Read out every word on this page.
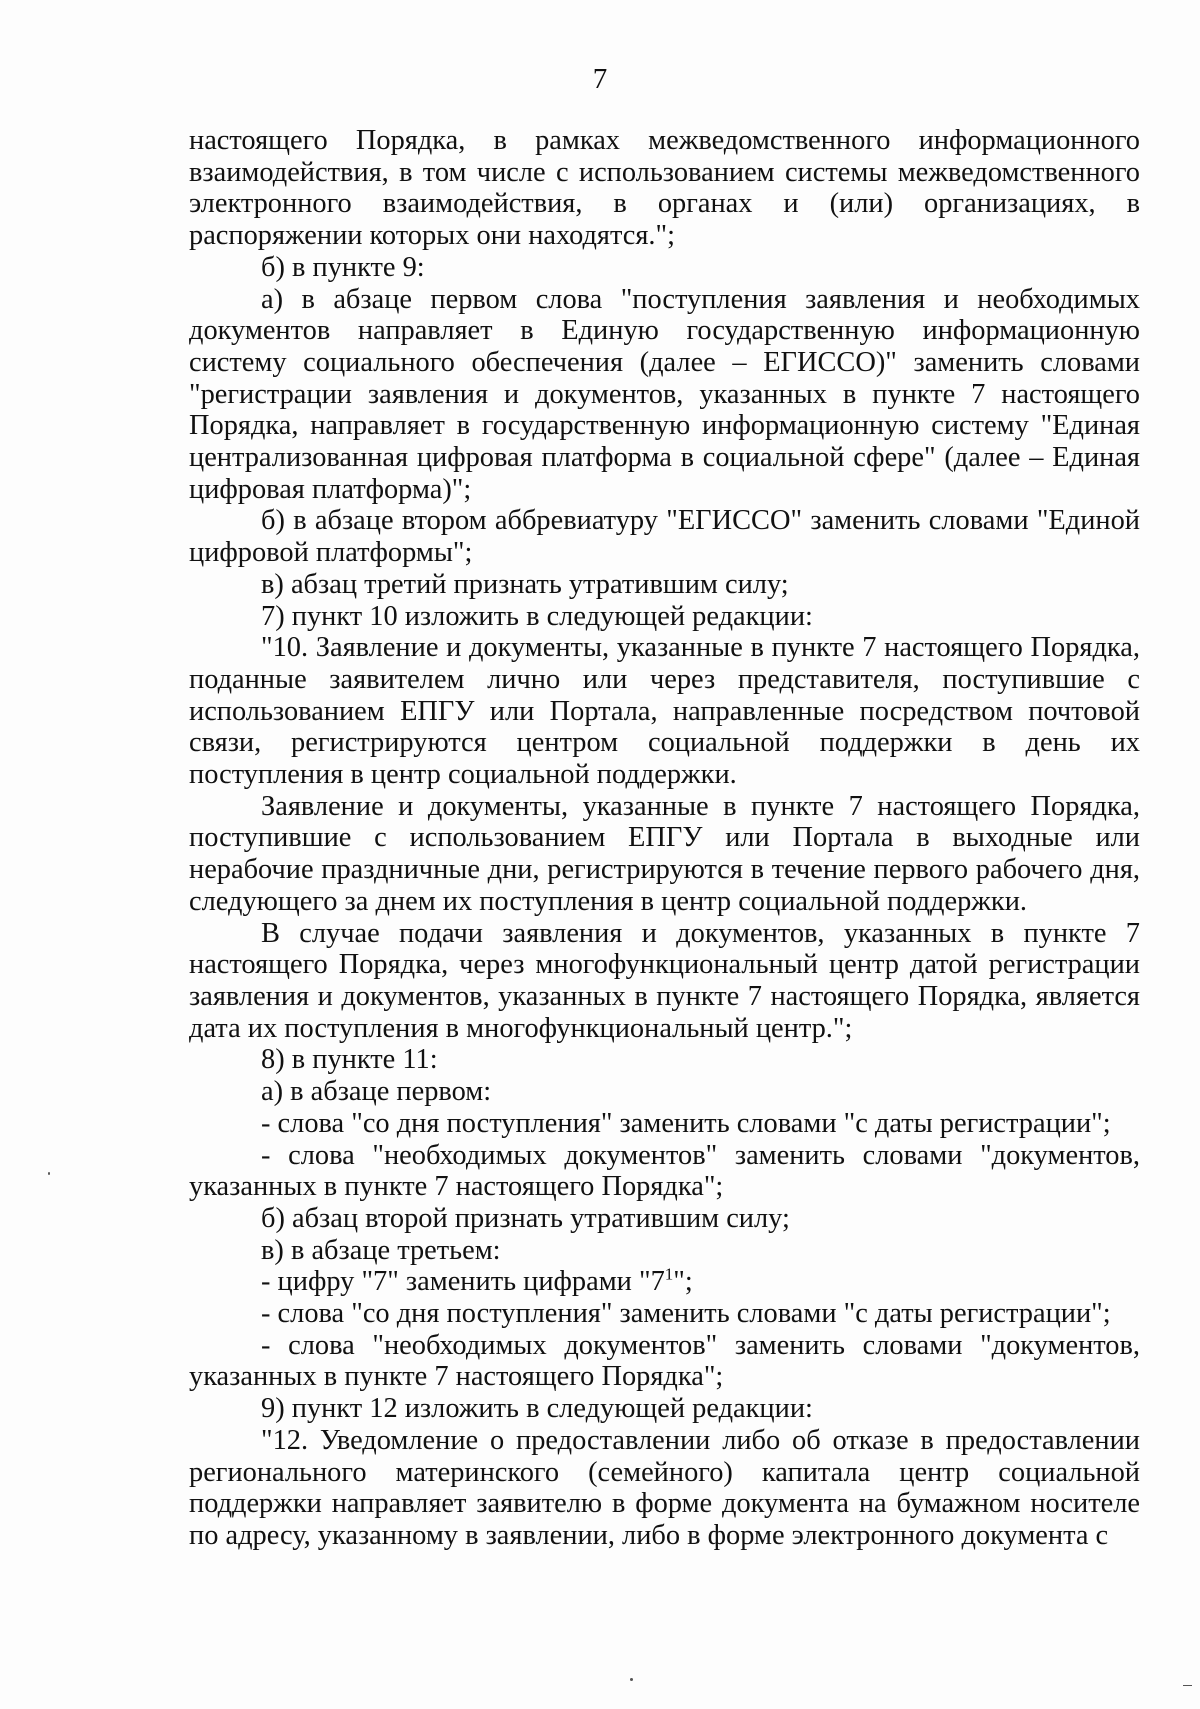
7

настоящего Порядка, в рамках межведомственного информационного взаимодействия, в том числе с использованием системы межведомственного электронного взаимодействия, в органах и (или) организациях, в распоряжении которых они находятся.";

б) в пункте 9:

а) в абзаце первом слова "поступления заявления и необходимых документов направляет в Единую государственную информационную систему социального обеспечения (далее – ЕГИССО)" заменить словами "регистрации заявления и документов, указанных в пункте 7 настоящего Порядка, направляет в государственную информационную систему "Единая централизованная цифровая платформа в социальной сфере" (далее – Единая цифровая платформа)";

б) в абзаце втором аббревиатуру "ЕГИССО" заменить словами "Единой цифровой платформы";

в) абзац третий признать утратившим силу;

7) пункт 10 изложить в следующей редакции:

"10. Заявление и документы, указанные в пункте 7 настоящего Порядка, поданные заявителем лично или через представителя, поступившие с использованием ЕПГУ или Портала, направленные посредством почтовой связи, регистрируются центром социальной поддержки в день их поступления в центр социальной поддержки.

Заявление и документы, указанные в пункте 7 настоящего Порядка, поступившие с использованием ЕПГУ или Портала в выходные или нерабочие праздничные дни, регистрируются в течение первого рабочего дня, следующего за днем их поступления в центр социальной поддержки.

В случае подачи заявления и документов, указанных в пункте 7 настоящего Порядка, через многофункциональный центр датой регистрации заявления и документов, указанных в пункте 7 настоящего Порядка, является дата их поступления в многофункциональный центр.";

8) в пункте 11:

а) в абзаце первом:

- слова "со дня поступления" заменить словами "с даты регистрации";

- слова "необходимых документов" заменить словами "документов, указанных в пункте 7 настоящего Порядка";

б) абзац второй признать утратившим силу;

в) в абзаце третьем:

- цифру "7" заменить цифрами "$7^1$";

- слова "со дня поступления" заменить словами "с даты регистрации";

- слова "необходимых документов" заменить словами "документов, указанных в пункте 7 настоящего Порядка";

9) пункт 12 изложить в следующей редакции:

"12. Уведомление о предоставлении либо об отказе в предоставлении регионального материнского (семейного) капитала центр социальной поддержки направляет заявителю в форме документа на бумажном носителе по адресу, указанному в заявлении, либо в форме электронного документа с
